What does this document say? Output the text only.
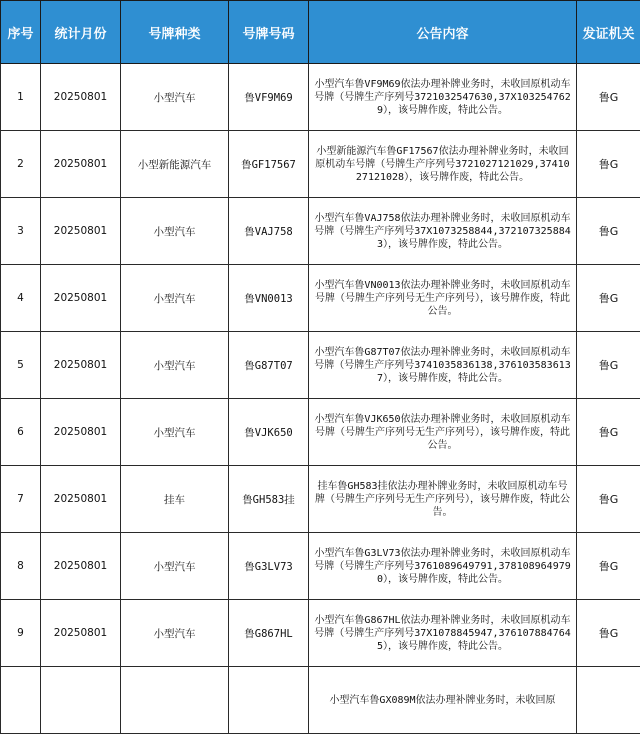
序号	统计月份	号牌种类	号牌号码	公告内容	发证机关
1	20250801	小型汽车	鲁VF9M69	小型汽车鲁VF9M69依法办理补牌业务时，未收回原机动车号牌（号牌生产序列号3721032547630,37X1032547629），该号牌作废，特此公告。	鲁G
2	20250801	小型新能源汽车	鲁GF17567	小型新能源汽车鲁GF17567依法办理补牌业务时，未收回原机动车号牌（号牌生产序列号3721027121029,3741027121028），该号牌作废，特此公告。	鲁G
3	20250801	小型汽车	鲁VAJ758	小型汽车鲁VAJ758依法办理补牌业务时，未收回原机动车号牌（号牌生产序列号37X1073258844,3721073258843），该号牌作废，特此公告。	鲁G
4	20250801	小型汽车	鲁VN0013	小型汽车鲁VN0013依法办理补牌业务时，未收回原机动车号牌（号牌生产序列号无生产序列号），该号牌作废，特此公告。	鲁G
5	20250801	小型汽车	鲁G87T07	小型汽车鲁G87T07依法办理补牌业务时，未收回原机动车号牌（号牌生产序列号3741035836138,3761035836137），该号牌作废，特此公告。	鲁G
6	20250801	小型汽车	鲁VJK650	小型汽车鲁VJK650依法办理补牌业务时，未收回原机动车号牌（号牌生产序列号无生产序列号），该号牌作废，特此公告。	鲁G
7	20250801	挂车	鲁GH583挂	挂车鲁GH583挂依法办理补牌业务时，未收回原机动车号牌（号牌生产序列号无生产序列号），该号牌作废，特此公告。	鲁G
8	20250801	小型汽车	鲁G3LV73	小型汽车鲁G3LV73依法办理补牌业务时，未收回原机动车号牌（号牌生产序列号3761089649791,3781089649790），该号牌作废，特此公告。	鲁G
9	20250801	小型汽车	鲁G867HL	小型汽车鲁G867HL依法办理补牌业务时，未收回原机动车号牌（号牌生产序列号37X1078845947,3761078847645），该号牌作废，特此公告。	鲁G

				小型汽车鲁GX089M依法办理补牌业务时，未收回原	
